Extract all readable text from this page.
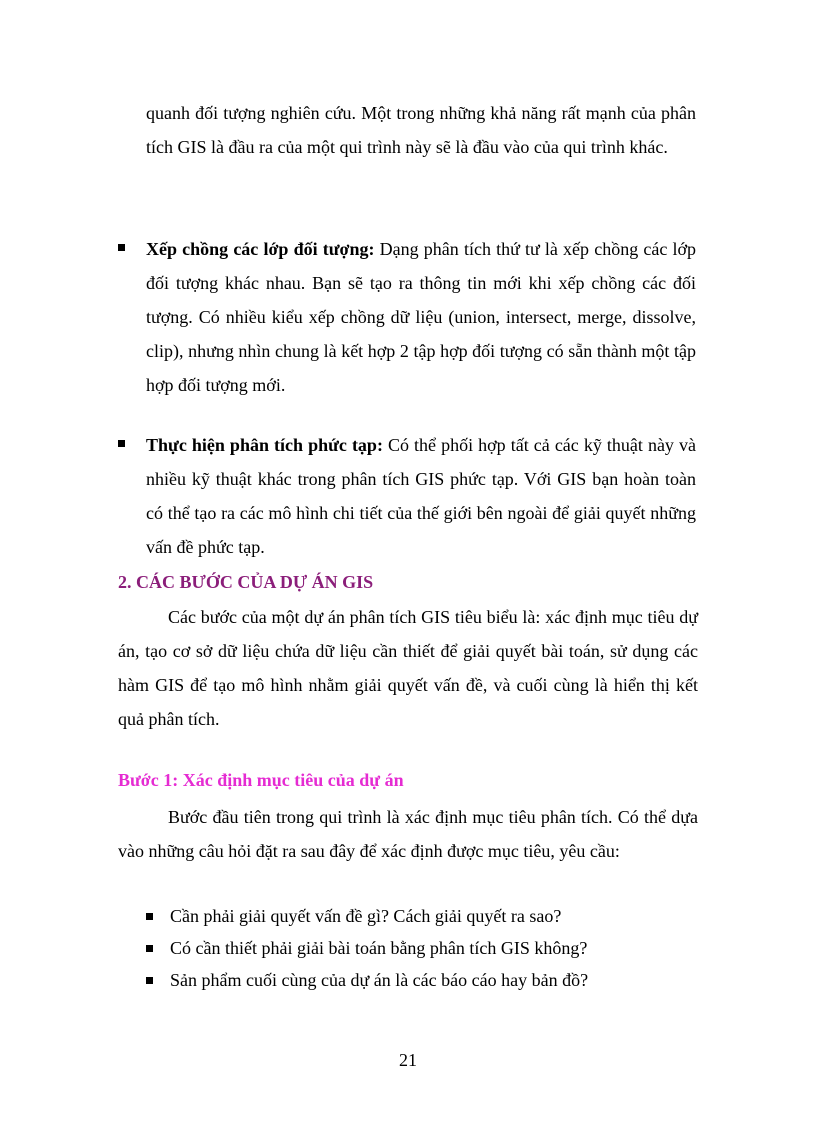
quanh đối tượng nghiên cứu. Một trong những khả năng rất mạnh của phân tích GIS là đầu ra của một qui trình này sẽ là đầu vào của qui trình khác.

Xếp chồng các lớp đối tượng: Dạng phân tích thứ tư là xếp chồng các lớp đối tượng khác nhau. Bạn sẽ tạo ra thông tin mới khi xếp chồng các đối tượng. Có nhiều kiểu xếp chồng dữ liệu (union, intersect, merge, dissolve, clip), nhưng nhìn chung là kết hợp 2 tập hợp đối tượng có sẵn thành một tập hợp đối tượng mới.

Thực hiện phân tích phức tạp: Có thể phối hợp tất cả các kỹ thuật này và nhiều kỹ thuật khác trong phân tích GIS phức tạp. Với GIS bạn hoàn toàn có thể tạo ra các mô hình chi tiết của thế giới bên ngoài để giải quyết những vấn đề phức tạp.

2. CÁC BƯỚC CỦA DỰ ÁN GIS

Các bước của một dự án phân tích GIS tiêu biểu là: xác định mục tiêu dự án, tạo cơ sở dữ liệu chứa dữ liệu cần thiết để giải quyết bài toán, sử dụng các hàm GIS để tạo mô hình nhằm giải quyết vấn đề, và cuối cùng là hiển thị kết quả phân tích.

Bước 1: Xác định mục tiêu của dự án

Bước đầu tiên trong qui trình là xác định mục tiêu phân tích. Có thể dựa vào những câu hỏi đặt ra sau đây để xác định được mục tiêu, yêu cầu:

Cần phải giải quyết vấn đề gì? Cách giải quyết ra sao?
Có cần thiết phải giải bài toán bằng phân tích GIS không?
Sản phẩm cuối cùng của dự án là các báo cáo hay bản đồ?
21
